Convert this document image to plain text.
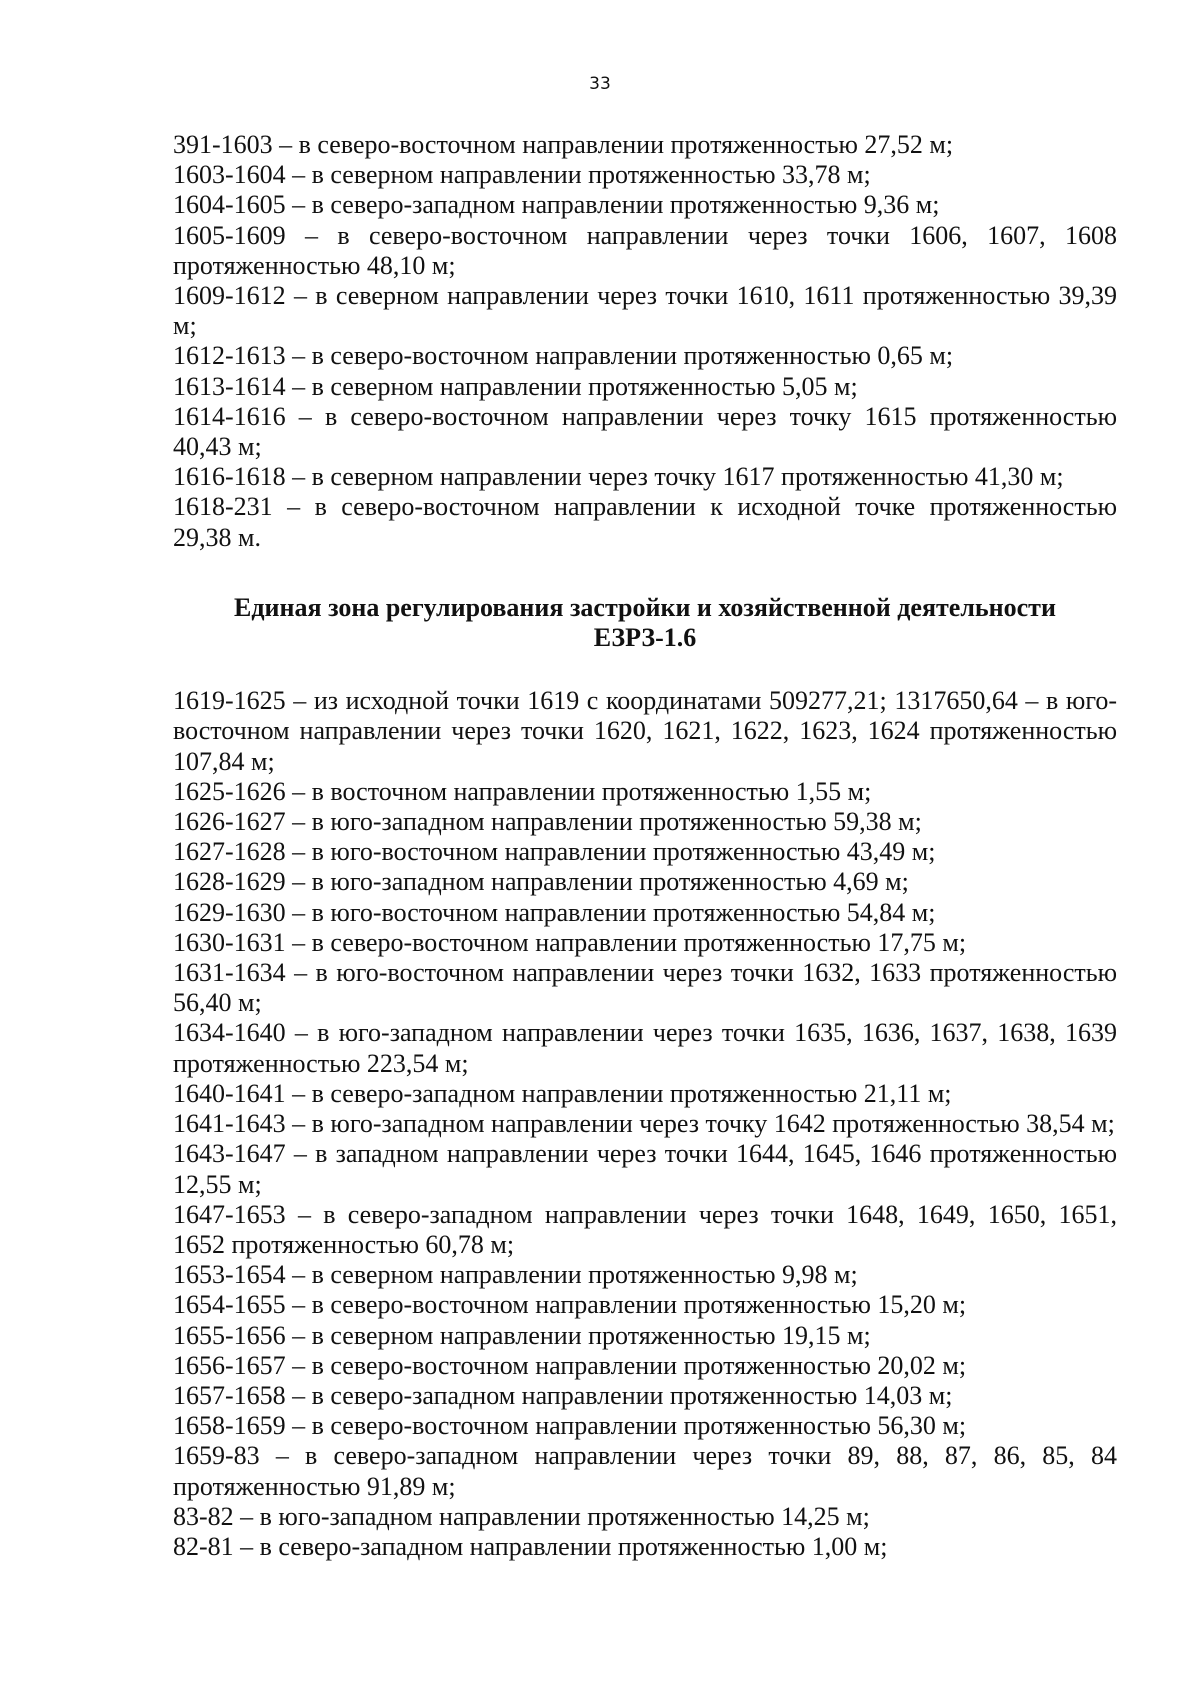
33

391-1603 – в северо-восточном направлении протяженностью 27,52 м;

1603-1604 – в северном направлении протяженностью 33,78 м;

1604-1605 – в северо-западном направлении протяженностью 9,36 м;

1605-1609 – в северо-восточном направлении через точки 1606, 1607, 1608 протяженностью 48,10 м;

1609-1612 – в северном направлении через точки 1610, 1611 протяженностью 39,39 м;

1612-1613 – в северо-восточном направлении протяженностью 0,65 м;

1613-1614 – в северном направлении протяженностью 5,05 м;

1614-1616 – в северо-восточном направлении через точку 1615 протяженностью 40,43 м;

1616-1618 – в северном направлении через точку 1617 протяженностью 41,30 м;

1618-231 – в северо-восточном направлении к исходной точке протяженностью 29,38 м.

Единая зона регулирования застройки и хозяйственной деятельности
ЕЗРЗ-1.6

1619-1625 – из исходной точки 1619 с координатами 509277,21; 1317650,64 – в юго-восточном направлении через точки 1620, 1621, 1622, 1623, 1624 протяженностью 107,84 м;

1625-1626 – в восточном направлении протяженностью 1,55 м;

1626-1627 – в юго-западном направлении протяженностью 59,38 м;

1627-1628 – в юго-восточном направлении протяженностью 43,49 м;

1628-1629 – в юго-западном направлении протяженностью 4,69 м;

1629-1630 – в юго-восточном направлении протяженностью 54,84 м;

1630-1631 – в северо-восточном направлении протяженностью 17,75 м;

1631-1634 – в юго-восточном направлении через точки 1632, 1633 протяженностью 56,40 м;

1634-1640 – в юго-западном направлении через точки 1635, 1636, 1637, 1638, 1639 протяженностью 223,54 м;

1640-1641 – в северо-западном направлении протяженностью 21,11 м;

1641-1643 – в юго-западном направлении через точку 1642 протяженностью 38,54 м;

1643-1647 – в западном направлении через точки 1644, 1645, 1646 протяженностью 12,55 м;

1647-1653 – в северо-западном направлении через точки 1648, 1649, 1650, 1651, 1652 протяженностью 60,78 м;

1653-1654 – в северном направлении протяженностью 9,98 м;

1654-1655 – в северо-восточном направлении протяженностью 15,20 м;

1655-1656 – в северном направлении протяженностью 19,15 м;

1656-1657 – в северо-восточном направлении протяженностью 20,02 м;

1657-1658 – в северо-западном направлении протяженностью 14,03 м;

1658-1659 – в северо-восточном направлении протяженностью 56,30 м;

1659-83 – в северо-западном направлении через точки 89, 88, 87, 86, 85, 84 протяженностью 91,89 м;

83-82 – в юго-западном направлении протяженностью 14,25 м;

82-81 – в северо-западном направлении протяженностью 1,00 м;
